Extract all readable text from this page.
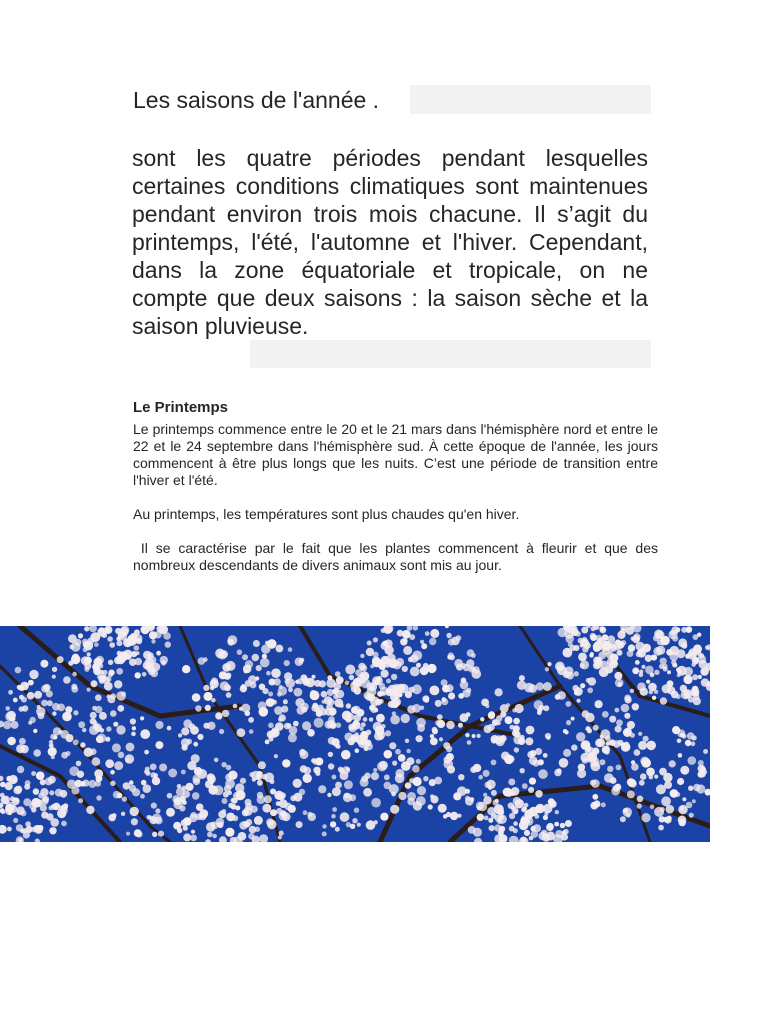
Les saisons de l'année .

sont les quatre périodes pendant lesquelles certaines conditions climatiques sont maintenues pendant environ trois mois chacune. Il s’agit du printemps, l'été, l'automne et l'hiver. Cependant, dans la zone équatoriale et tropicale, on ne compte que deux saisons : la saison sèche et la saison pluvieuse.

Le Printemps

Le printemps commence entre le 20 et le 21 mars dans l'hémisphère nord et entre le 22 et le 24 septembre dans l'hémisphère sud. À cette époque de l'année, les jours commencent à être plus longs que les nuits. C’est une période de transition entre l'hiver et l'été.

Au printemps, les températures sont plus chaudes qu'en hiver.

Il se caractérise par le fait que les plantes commencent à fleurir et que des nombreux descendants de divers animaux sont mis au jour.
